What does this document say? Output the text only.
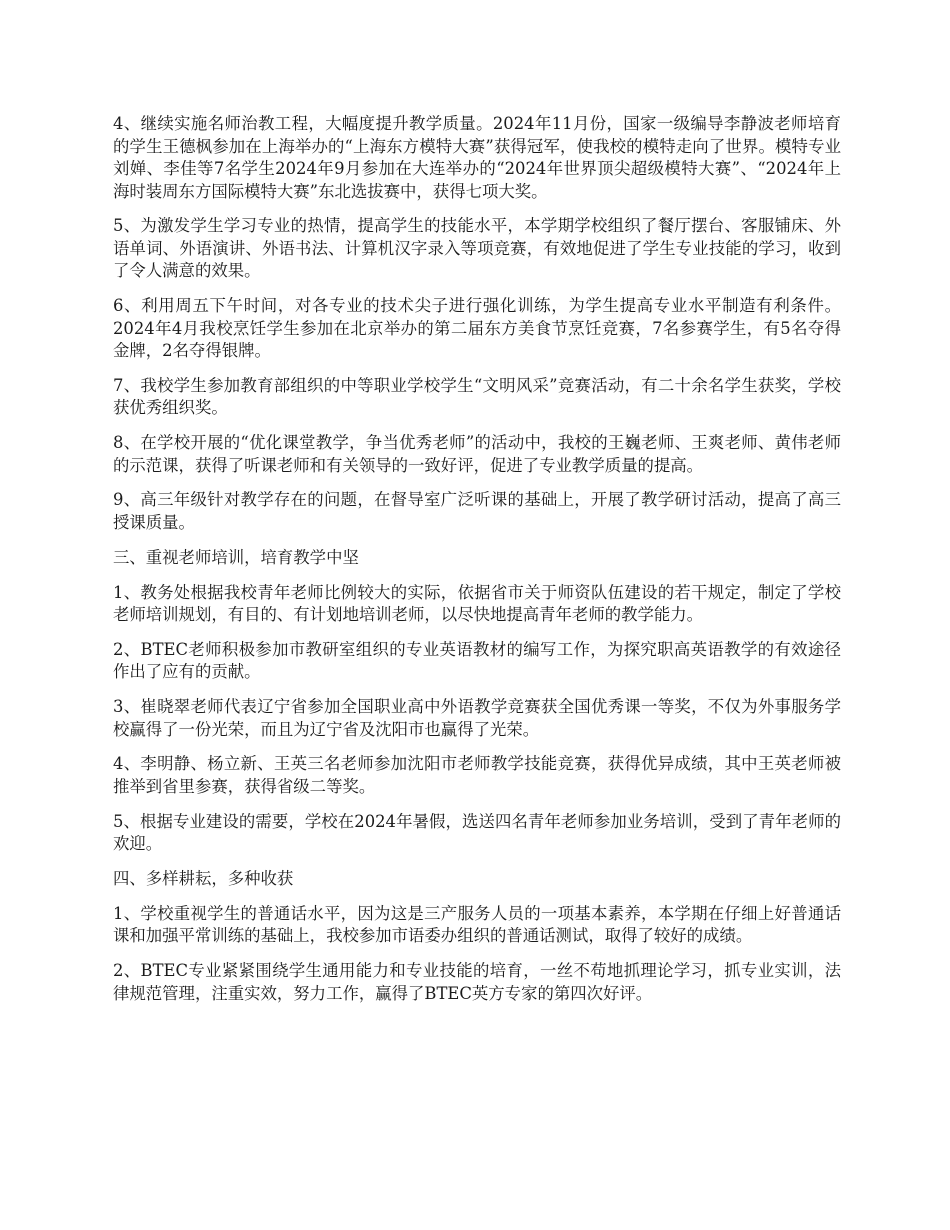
4、继续实施名师治教工程，大幅度提升教学质量。2024年11月份，国家一级编导李静波老师培育的学生王德枫参加在上海举办的“上海东方模特大赛”获得冠军，使我校的模特走向了世界。模特专业刘婵、李佳等7名学生2024年9月参加在大连举办的“2024年世界顶尖超级模特大赛”、“2024年上海时装周东方国际模特大赛”东北选拔赛中，获得七项大奖。

5、为激发学生学习专业的热情，提高学生的技能水平，本学期学校组织了餐厅摆台、客服铺床、外语单词、外语演讲、外语书法、计算机汉字录入等项竞赛，有效地促进了学生专业技能的学习，收到了令人满意的效果。

6、利用周五下午时间，对各专业的技术尖子进行强化训练，为学生提高专业水平制造有利条件。2024年4月我校烹饪学生参加在北京举办的第二届东方美食节烹饪竞赛，7名参赛学生，有5名夺得金牌，2名夺得银牌。

7、我校学生参加教育部组织的中等职业学校学生“文明风采”竞赛活动，有二十余名学生获奖，学校获优秀组织奖。

8、在学校开展的“优化课堂教学，争当优秀老师”的活动中，我校的王巍老师、王爽老师、黄伟老师的示范课，获得了听课老师和有关领导的一致好评，促进了专业教学质量的提高。

9、高三年级针对教学存在的问题，在督导室广泛听课的基础上，开展了教学研讨活动，提高了高三授课质量。

三、重视老师培训，培育教学中坚

1、教务处根据我校青年老师比例较大的实际，依据省市关于师资队伍建设的若干规定，制定了学校老师培训规划，有目的、有计划地培训老师，以尽快地提高青年老师的教学能力。

2、BTEC老师积极参加市教研室组织的专业英语教材的编写工作，为探究职高英语教学的有效途径作出了应有的贡献。

3、崔晓翠老师代表辽宁省参加全国职业高中外语教学竞赛获全国优秀课一等奖，不仅为外事服务学校赢得了一份光荣，而且为辽宁省及沈阳市也赢得了光荣。

4、李明静、杨立新、王英三名老师参加沈阳市老师教学技能竞赛，获得优异成绩，其中王英老师被推举到省里参赛，获得省级二等奖。

5、根据专业建设的需要，学校在2024年暑假，选送四名青年老师参加业务培训，受到了青年老师的欢迎。

四、多样耕耘，多种收获

1、学校重视学生的普通话水平，因为这是三产服务人员的一项基本素养，本学期在仔细上好普通话课和加强平常训练的基础上，我校参加市语委办组织的普通话测试，取得了较好的成绩。

2、BTEC专业紧紧围绕学生通用能力和专业技能的培育，一丝不苟地抓理论学习，抓专业实训，法律规范管理，注重实效，努力工作，赢得了BTEC英方专家的第四次好评。
